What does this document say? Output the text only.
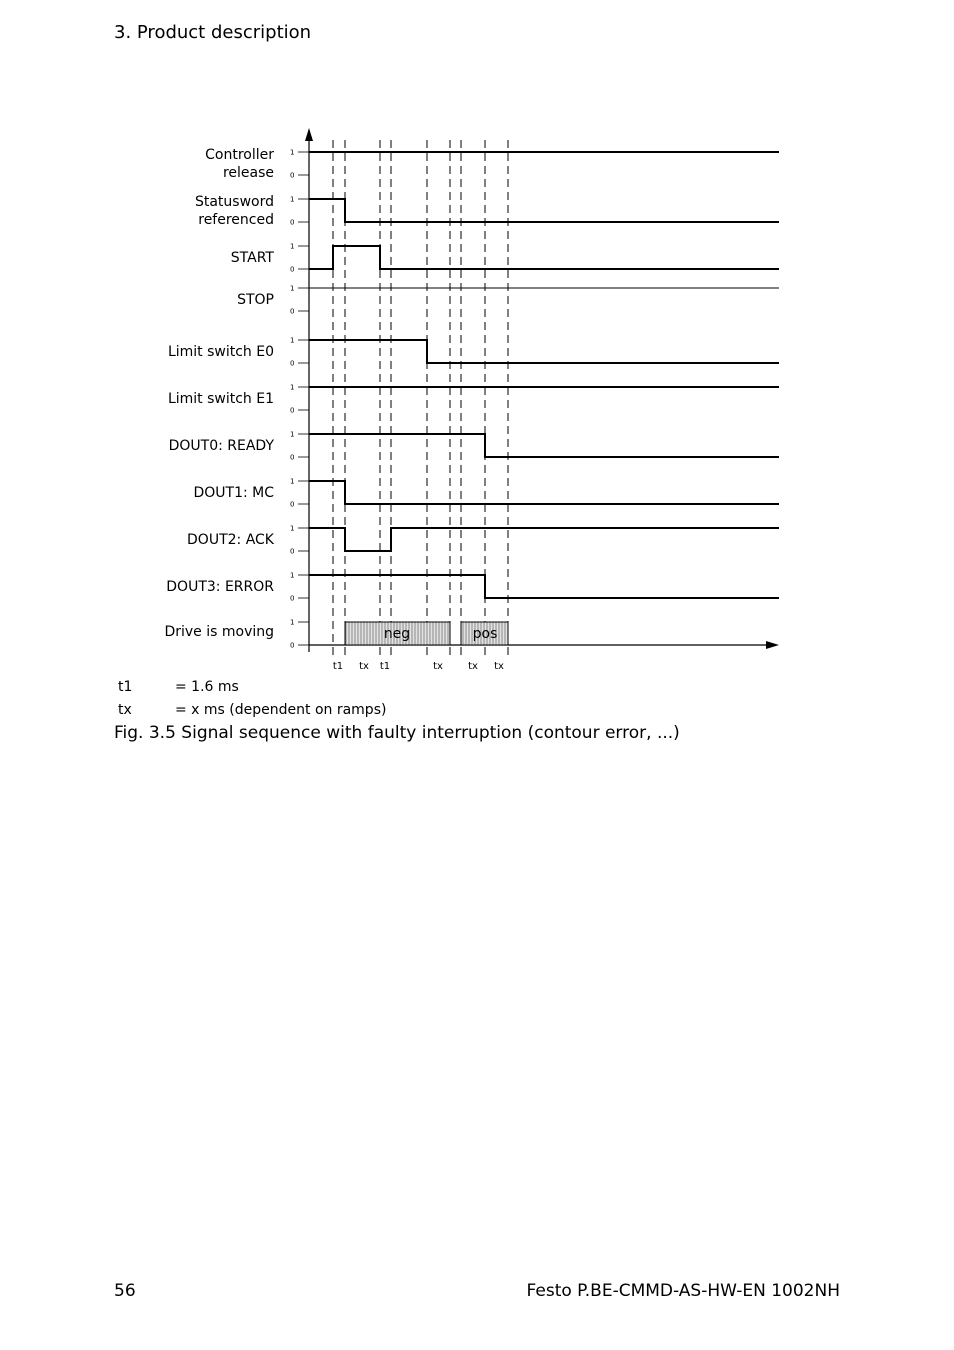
3. Product description
Controller
release
1
0
Statusword
referenced
1
0
START
1
0
STOP
1
0
Limit switch E0
1
0
Limit switch E1
1
0
DOUT0: READY
1
0
DOUT1: MC
1
0
DOUT2: ACK
1
0
DOUT3: ERROR
1
0
Drive is moving
1
0
neg	pos
t1 tx t1	tx	tx tx
t1	= 1.6 ms
tx	= x ms (dependent on ramps)
Fig. 3.5 Signal sequence with faulty interruption (contour error, ...)
56	Festo P.BE-CMMD-AS-HW-EN 1002NH
